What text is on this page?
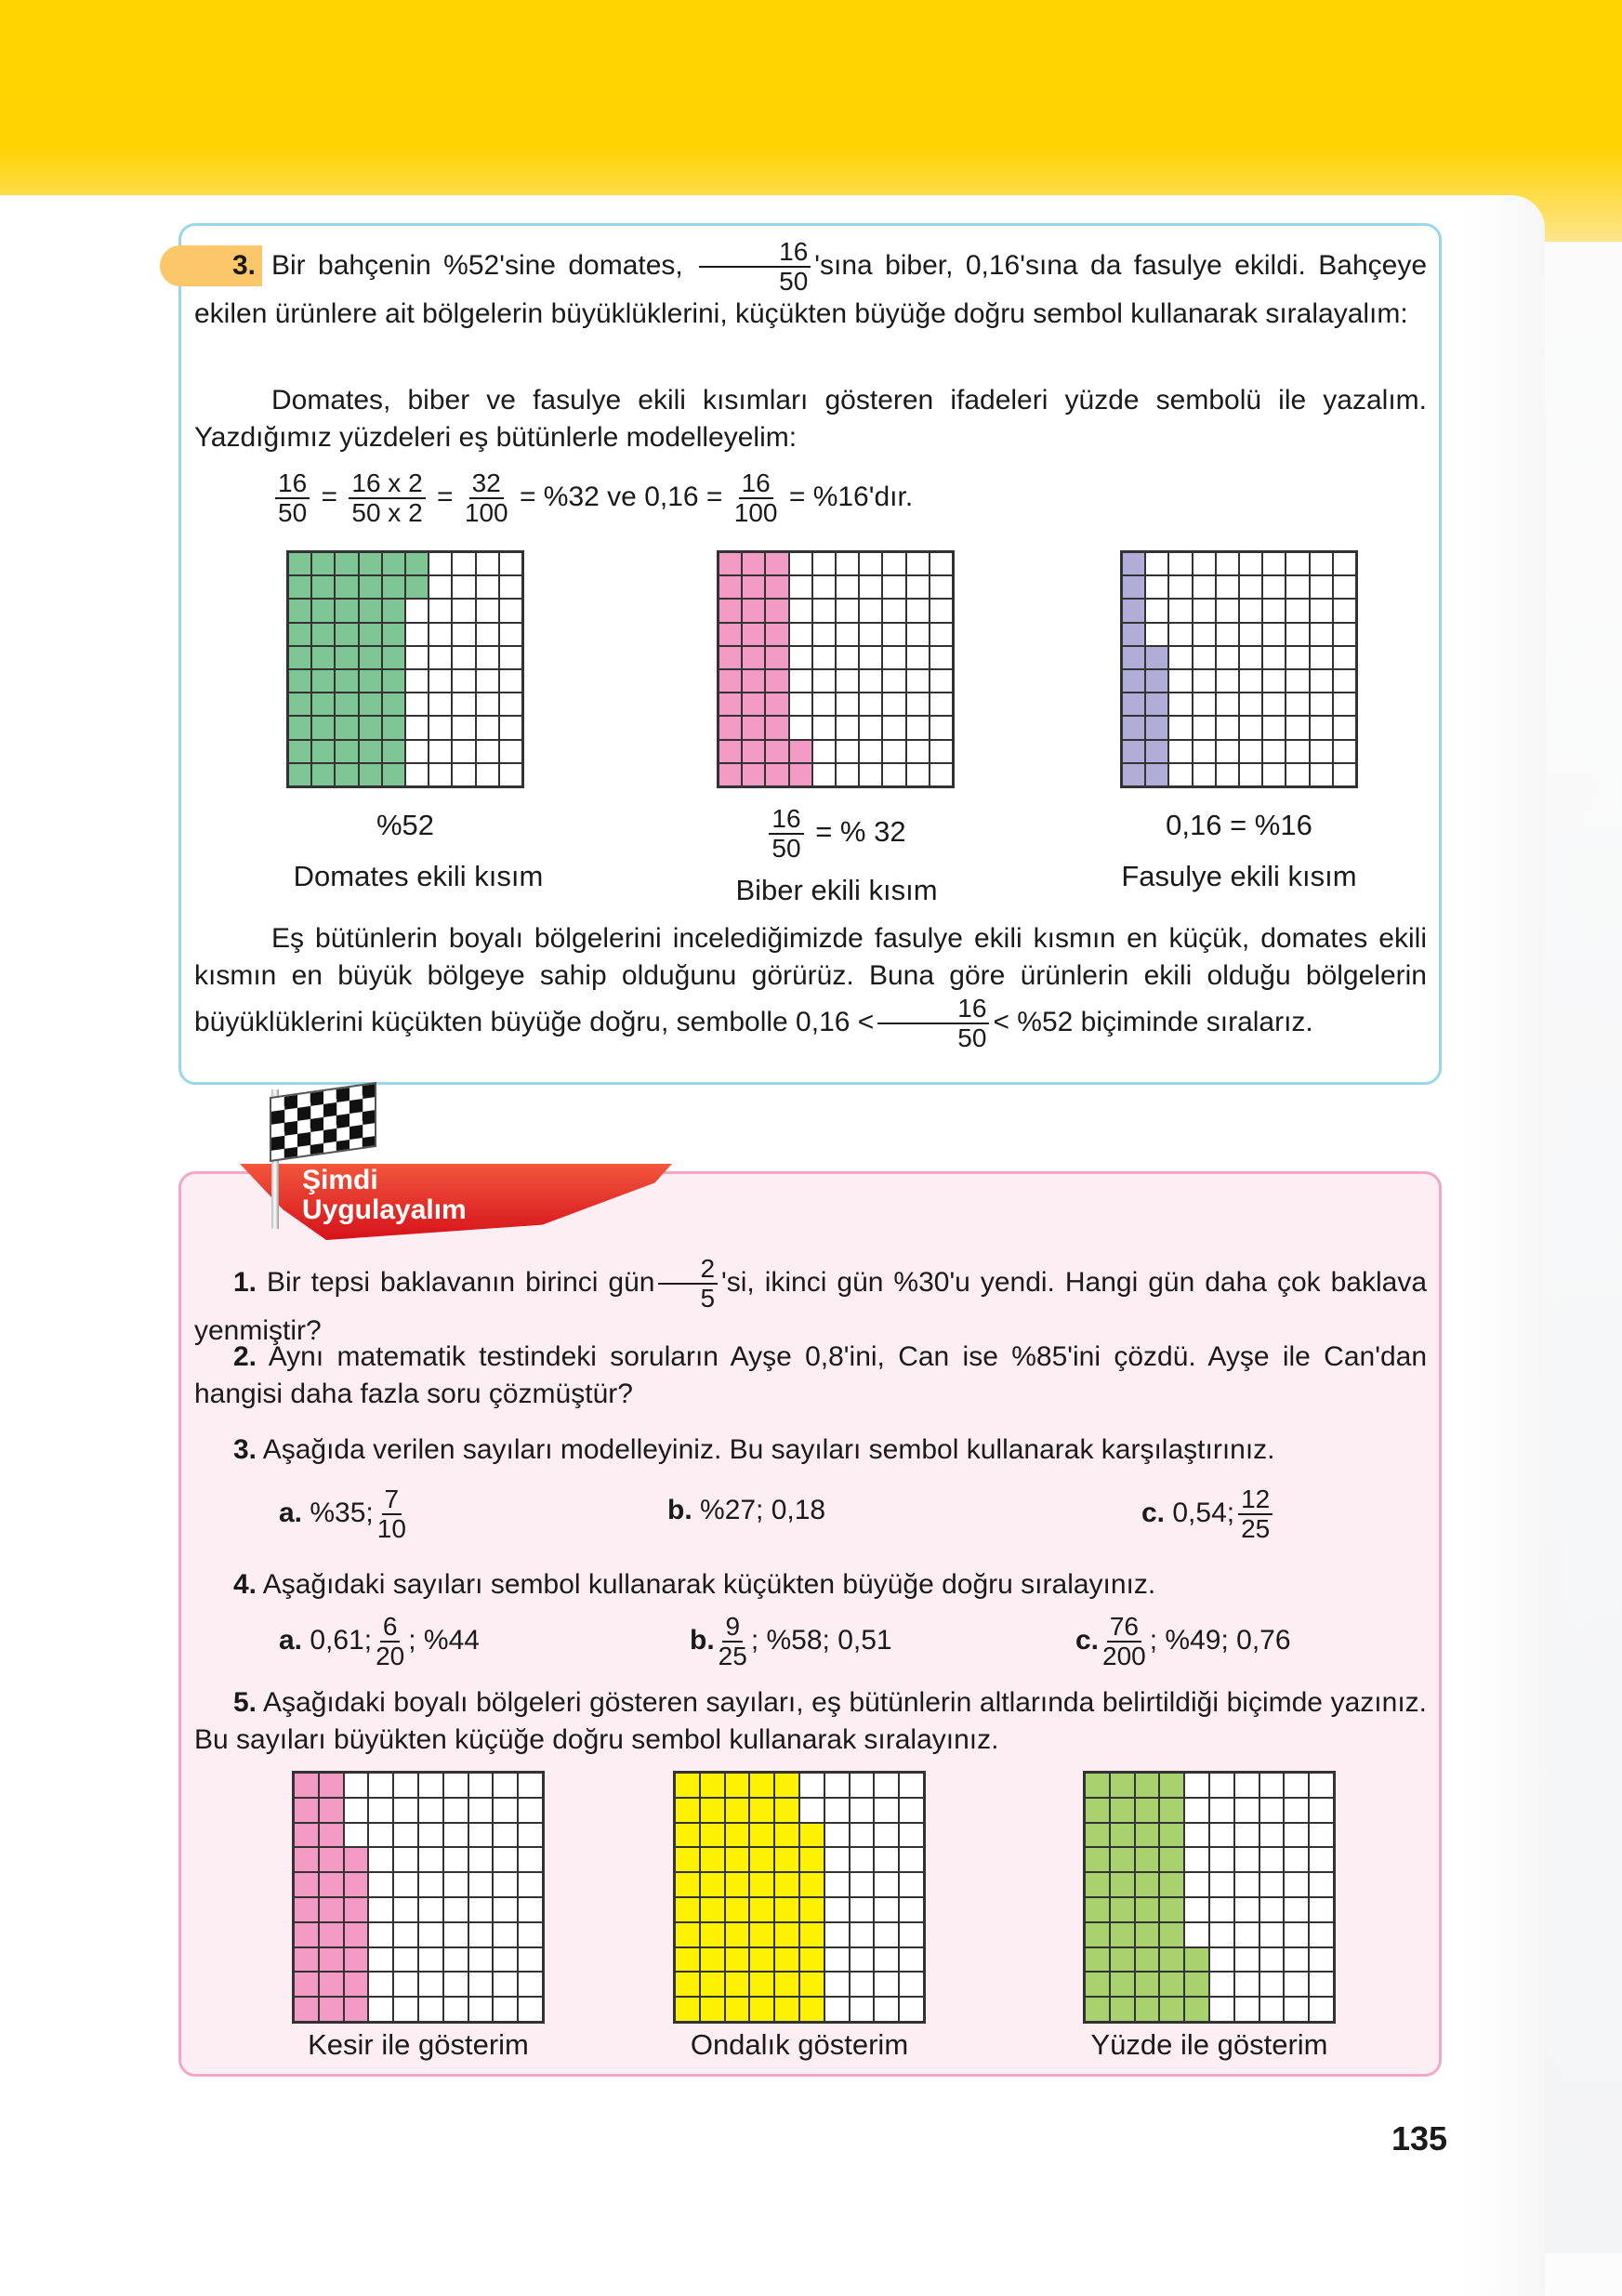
3. Bir bahçenin %52'sine domates, $\frac{16}{50}$ 'sına biber, 0,16'sına da fasulye ekildi. Bahçeye ekilen ürünlere ait bölgelerin büyüklüklerini, küçükten büyüğe doğru sembol kullanarak sıralayalım:
Domates, biber ve fasulye ekili kısımları gösteren ifadeleri yüzde sembolü ile yazalım. Yazdığımız yüzdeleri eş bütünlerle modelleyelim:
$\frac{16}{50} = \frac{16 x 2}{50 x 2} = \frac{32}{100} = \%32$ ve $0,16 = \frac{16}{100}$ = %16'dır.
%52
Domates ekili kısım
$\frac{16}{50}$ = % 32
Biber ekili kısım
0,16 = %16
Fasulye ekili kısım
Eş bütünlerin boyalı bölgelerini incelediğimizde fasulye ekili kısmın en küçük, domates ekili kısmın en büyük bölgeye sahip olduğunu görürüz. Buna göre ürünlerin ekili olduğu bölgelerin büyüklüklerini küçükten büyüğe doğru, sembolle $0,16 < \frac{16}{50} < \%52$ biçiminde sıralarız.
Şimdi
Uygulayalım
1. Bir tepsi baklavanın birinci gün $\frac{2}{5}$ 'si, ikinci gün %30'u yendi. Hangi gün daha çok baklava yenmiştir?
2. Aynı matematik testindeki soruların Ayşe 0,8'ini, Can ise %85'ini çözdü. Ayşe ile Can'dan hangisi daha fazla soru çözmüştür?
3. Aşağıda verilen sayıları modelleyiniz. Bu sayıları sembol kullanarak karşılaştırınız.
a. %35; $\frac{7}{10}$	b. %27; 0,18	c. 0,54; $\frac{12}{25}$
4. Aşağıdaki sayıları sembol kullanarak küçükten büyüğe doğru sıralayınız.
a. 0,61; $\frac{6}{20}$ ; %44	b. $\frac{9}{25}$ ; %58; 0,51	c. $\frac{76}{200}$ ; %49; 0,76
5. Aşağıdaki boyalı bölgeleri gösteren sayıları, eş bütünlerin altlarında belirtildiği biçimde yazınız. Bu sayıları büyükten küçüğe doğru sembol kullanarak sıralayınız.
Kesir ile gösterim	Ondalık gösterim	Yüzde ile gösterim
135
